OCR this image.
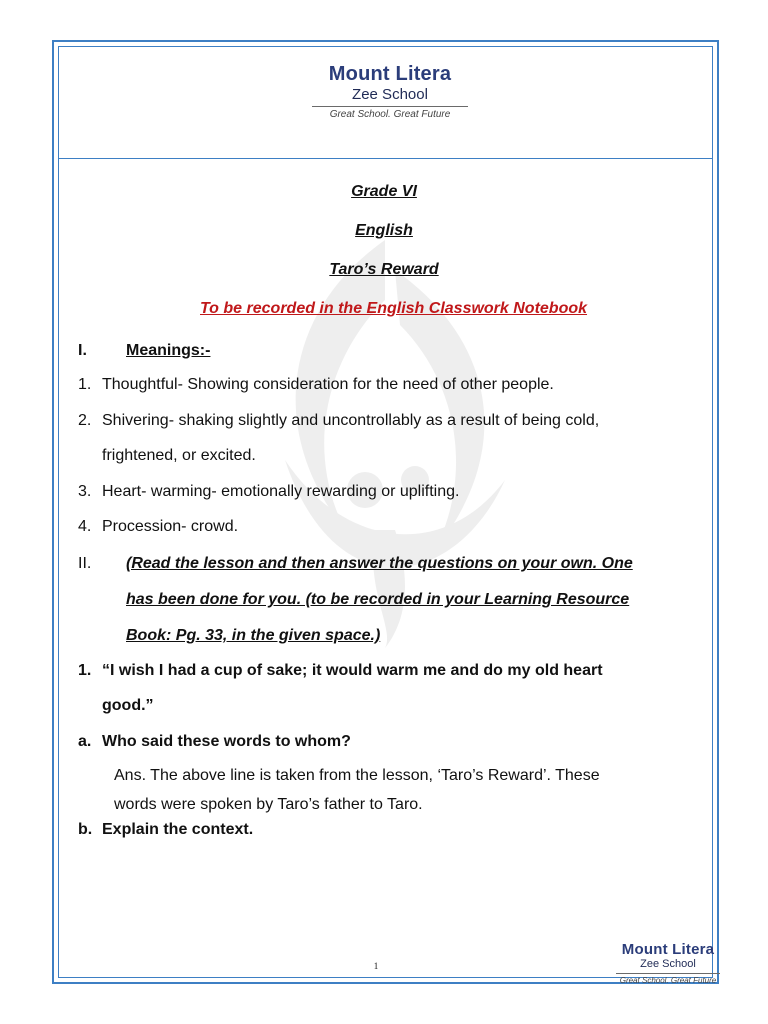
Mount Litera
Zee School
Great School. Great Future
Grade VI
English
Taro’s Reward
To be recorded in the English Classwork Notebook
I. Meanings:-
1. Thoughtful- Showing consideration for the need of other people.
2. Shivering- shaking slightly and uncontrollably as a result of being cold,
frightened, or excited.
3. Heart- warming- emotionally rewarding or uplifting.
4. Procession- crowd.
II. (Read the lesson and then answer the questions on your own. One
has been done for you. (to be recorded in your Learning Resource
Book: Pg. 33, in the given space.)
1. “I wish I had a cup of sake; it would warm me and do my old heart
good.”
a. Who said these words to whom?
Ans. The above line is taken from the lesson, ‘Taro’s Reward’. These
words were spoken by Taro’s father to Taro.
b. Explain the context.
1
Mount Litera
Zee School
Great School. Great Future
